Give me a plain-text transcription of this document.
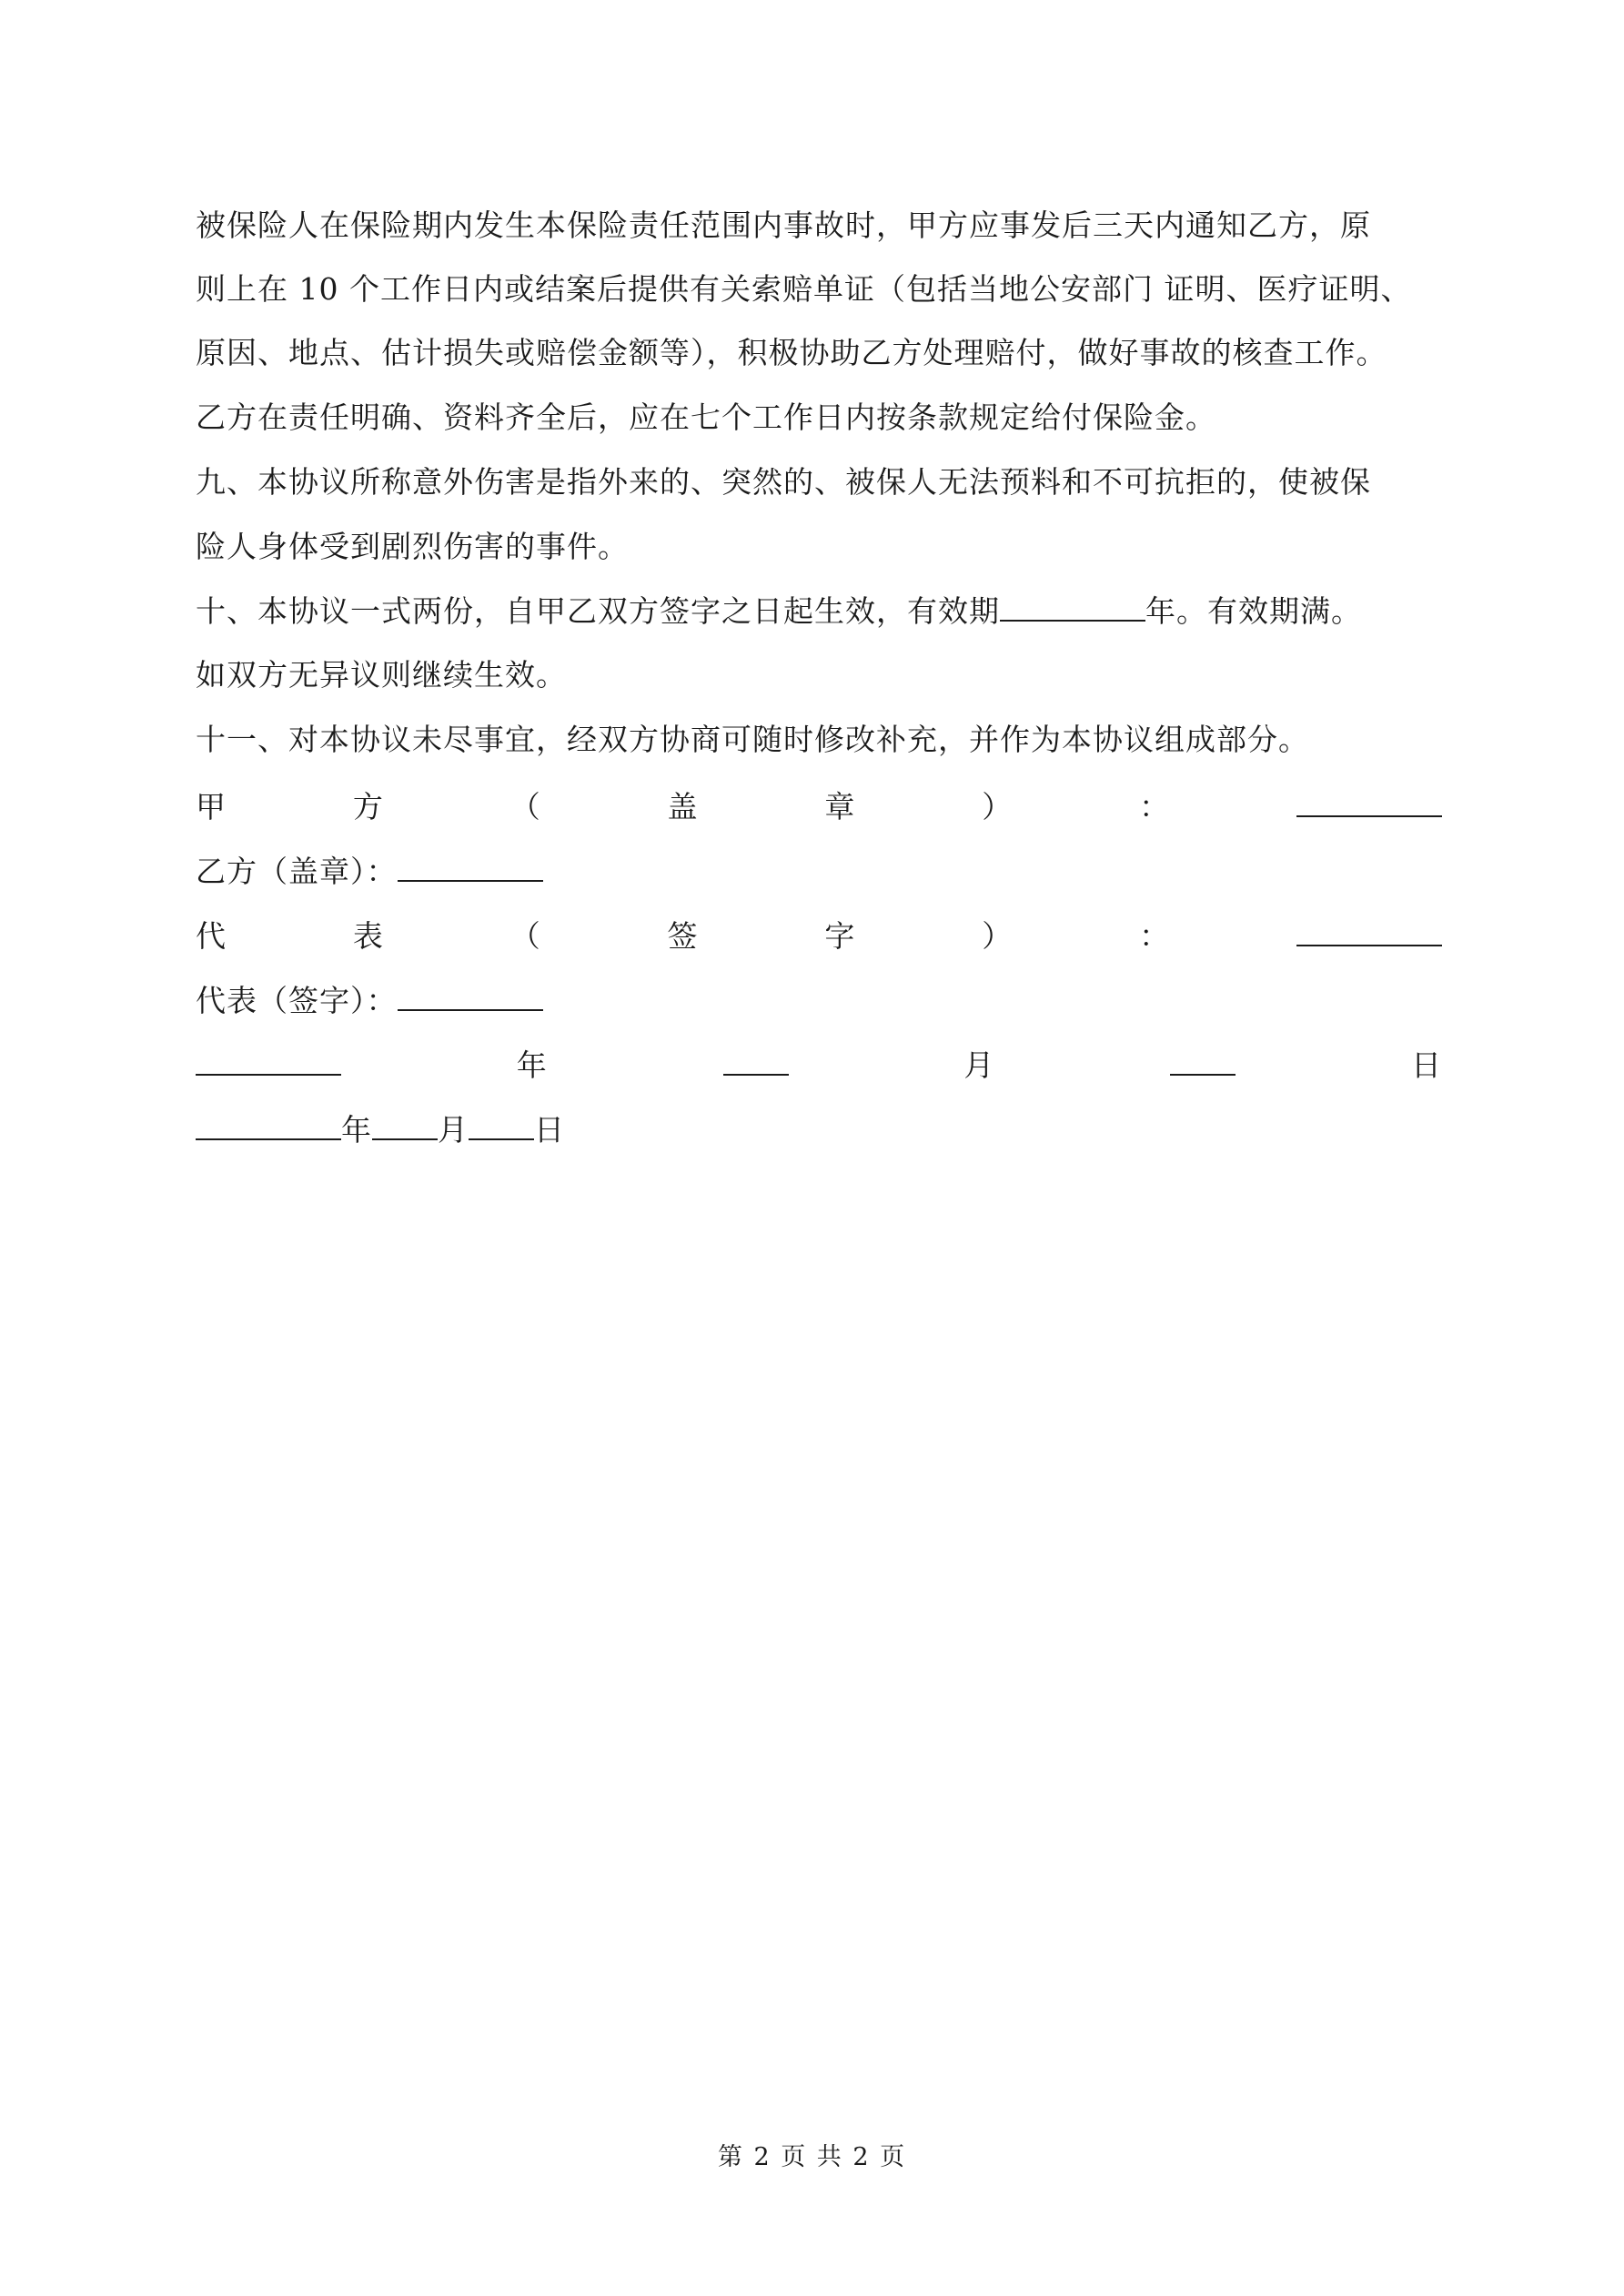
被保险人在保险期内发生本保险责任范围内事故时，甲方应事发后三天内通知乙方，原
则上在 10 个工作日内或结案后提供有关索赔单证（包括当地公安部门 证明、医疗证明、
原因、地点、估计损失或赔偿金额等），积极协助乙方处理赔付，做好事故的核查工作。
乙方在责任明确、资料齐全后，应在七个工作日内按条款规定给付保险金。
九、本协议所称意外伤害是指外来的、突然的、被保人无法预料和不可抗拒的，使被保
险人身体受到剧烈伤害的事件。
十、本协议一式两份，自甲乙双方签字之日起生效，有效期	年。有效期满。
如双方无异议则继续生效。
十一、对本协议未尽事宜，经双方协商可随时修改补充，并作为本协议组成部分。
甲	方	（	盖	章	）	：
乙方（盖章）：
代	表	（	签	字	）	：
代表（签字）：
年	月	日
年 月 日
第 2 页 共 2 页
